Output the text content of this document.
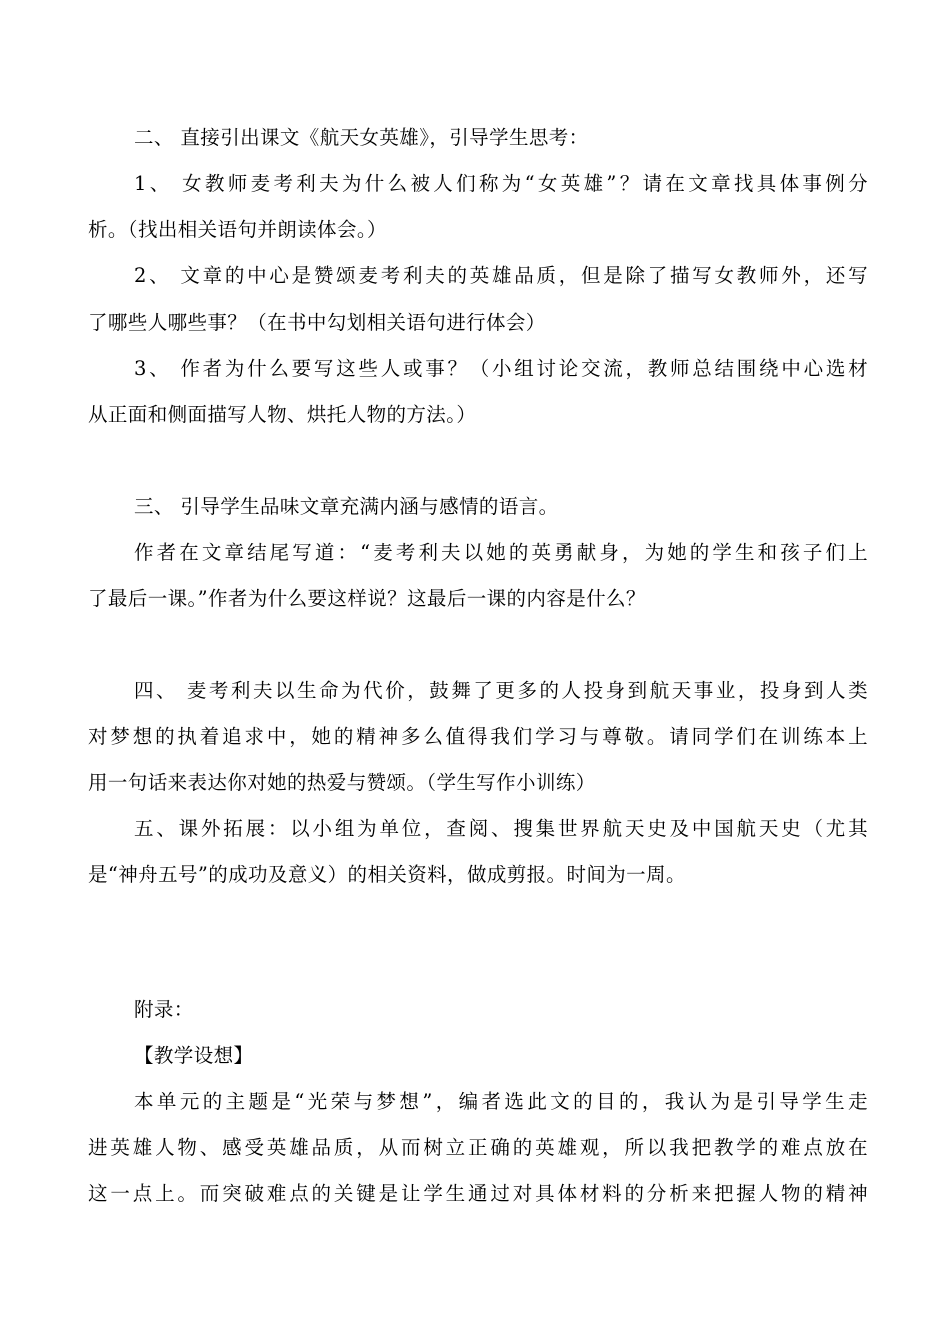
二、 直接引出课文《航天女英雄》，引导学生思考：
1、 女教师麦考利夫为什么被人们称为“女英雄”？请在文章找具体事例分
析。（找出相关语句并朗读体会。）
2、 文章的中心是赞颂麦考利夫的英雄品质，但是除了描写女教师外，还写
了哪些人哪些事？（在书中勾划相关语句进行体会）
3、 作者为什么要写这些人或事？（小组讨论交流，教师总结围绕中心选材
从正面和侧面描写人物、烘托人物的方法。）
三、 引导学生品味文章充满内涵与感情的语言。
作者在文章结尾写道：“麦考利夫以她的英勇献身，为她的学生和孩子们上
了最后一课。”作者为什么要这样说？这最后一课的内容是什么？
四、 麦考利夫以生命为代价，鼓舞了更多的人投身到航天事业，投身到人类
对梦想的执着追求中，她的精神多么值得我们学习与尊敬。请同学们在训练本上
用一句话来表达你对她的热爱与赞颂。（学生写作小训练）
五、课外拓展：以小组为单位，查阅、搜集世界航天史及中国航天史（尤其
是“神舟五号”的成功及意义）的相关资料，做成剪报。时间为一周。
附录：
【教学设想】
本单元的主题是“光荣与梦想”，编者选此文的目的，我认为是引导学生走
进英雄人物、感受英雄品质，从而树立正确的英雄观，所以我把教学的难点放在
这一点上。而突破难点的关键是让学生通过对具体材料的分析来把握人物的精神
